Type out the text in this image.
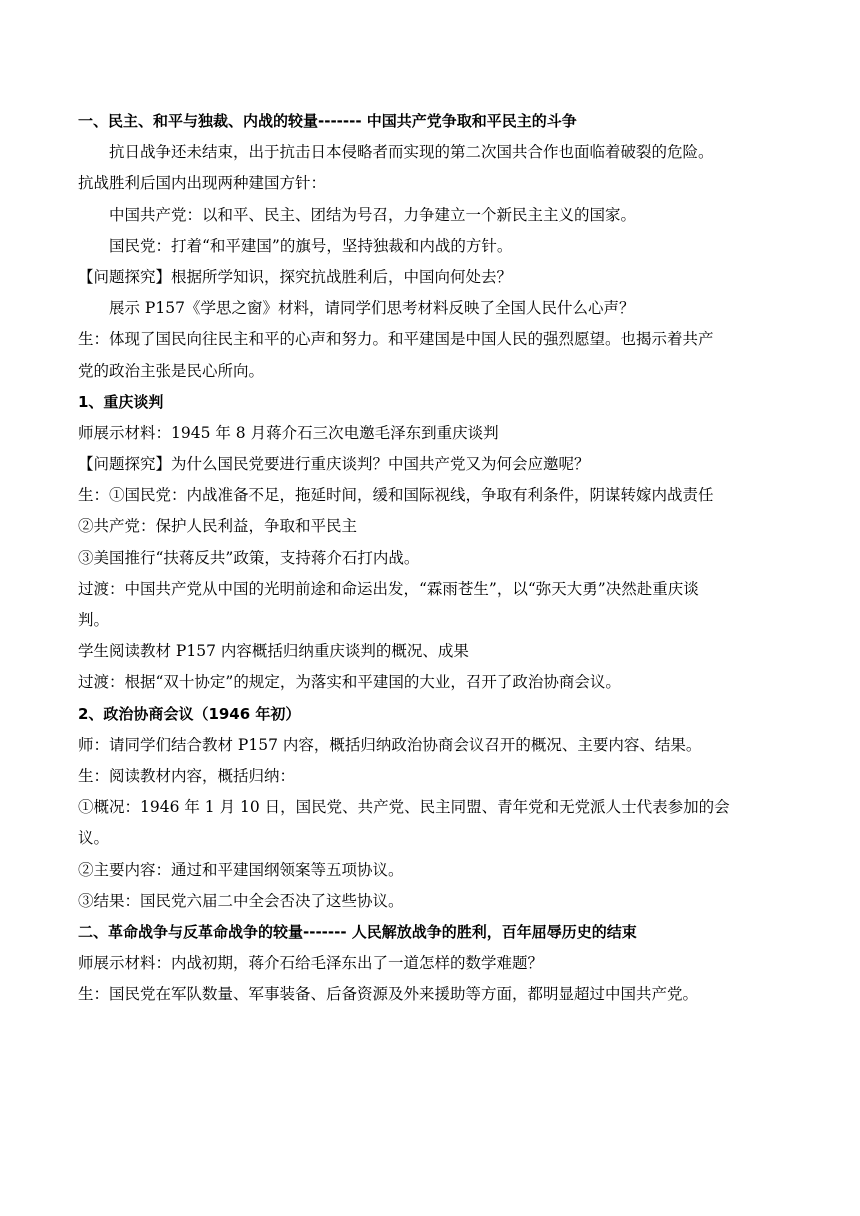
一、民主、和平与独裁、内战的较量------- 中国共产党争取和平民主的斗争
抗日战争还未结束，出于抗击日本侵略者而实现的第二次国共合作也面临着破裂的危险。
抗战胜利后国内出现两种建国方针：
中国共产党：以和平、民主、团结为号召，力争建立一个新民主主义的国家。
国民党：打着“和平建国”的旗号，坚持独裁和内战的方针。
【问题探究】根据所学知识，探究抗战胜利后，中国向何处去？
展示 P157《学思之窗》材料，请同学们思考材料反映了全国人民什么心声？
生：体现了国民向往民主和平的心声和努力。和平建国是中国人民的强烈愿望。也揭示着共产
党的政治主张是民心所向。
1、重庆谈判
师展示材料：1945 年 8 月蒋介石三次电邀毛泽东到重庆谈判
【问题探究】为什么国民党要进行重庆谈判？中国共产党又为何会应邀呢？
生：①国民党：内战准备不足，拖延时间，缓和国际视线，争取有利条件，阴谋转嫁内战责任
②共产党：保护人民利益，争取和平民主
③美国推行“扶蒋反共”政策，支持蒋介石打内战。
过渡：中国共产党从中国的光明前途和命运出发，“霖雨苍生”，以“弥天大勇”决然赴重庆谈
判。
学生阅读教材 P157 内容概括归纳重庆谈判的概况、成果
过渡：根据“双十协定”的规定，为落实和平建国的大业，召开了政治协商会议。
2、政治协商会议（1946 年初）
师：请同学们结合教材 P157 内容，概括归纳政治协商会议召开的概况、主要内容、结果。
生：阅读教材内容，概括归纳：
①概况：1946 年 1 月 10 日，国民党、共产党、民主同盟、青年党和无党派人士代表参加的会
议。
②主要内容：通过和平建国纲领案等五项协议。
③结果：国民党六届二中全会否决了这些协议。
二、革命战争与反革命战争的较量------- 人民解放战争的胜利，百年屈辱历史的结束
师展示材料：内战初期，蒋介石给毛泽东出了一道怎样的数学难题？
生：国民党在军队数量、军事装备、后备资源及外来援助等方面，都明显超过中国共产党。
